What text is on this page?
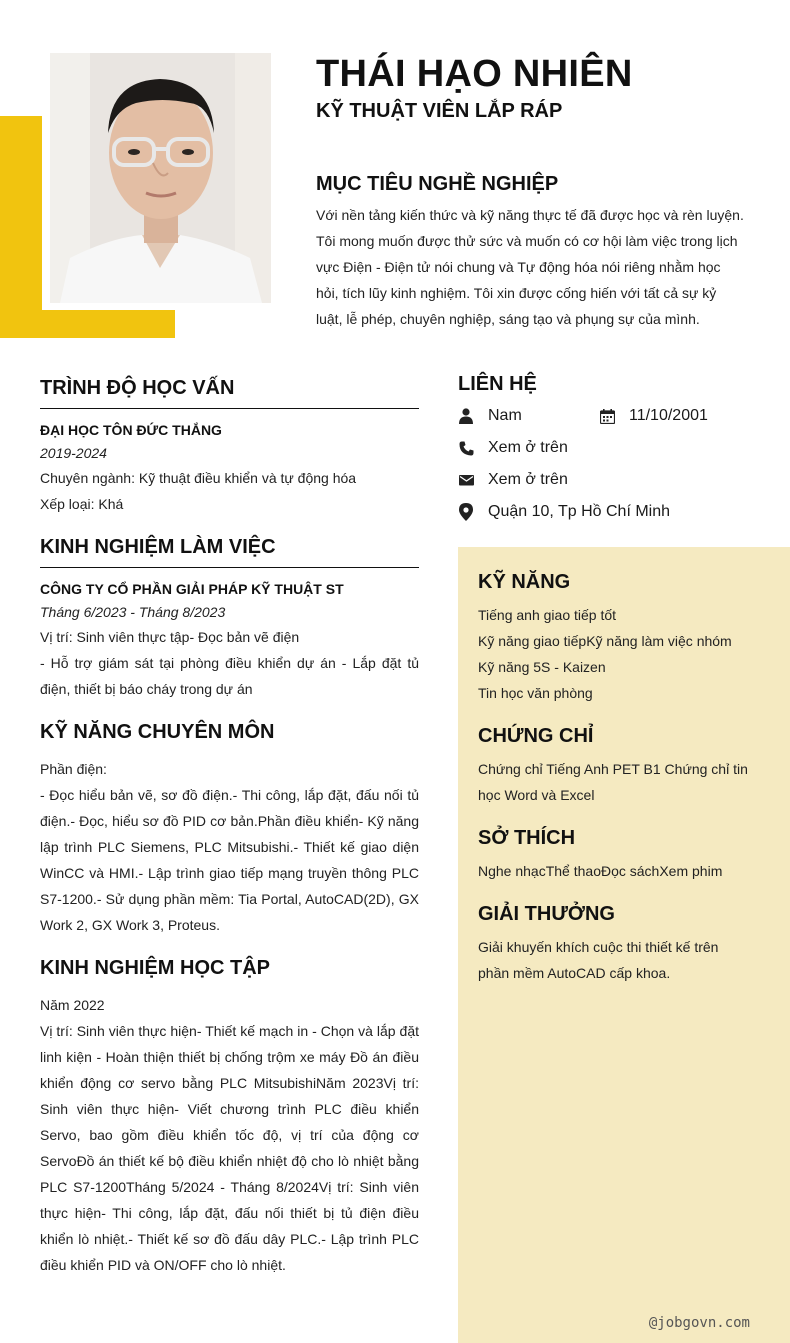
THÁI HẠO NHIÊN
KỸ THUẬT VIÊN LẮP RÁP
MỤC TIÊU NGHỀ NGHIỆP
Với nền tảng kiến thức và kỹ năng thực tế đã được học và rèn luyện. Tôi mong muốn được thử sức và muốn có cơ hội làm việc trong lịch vực Điện - Điện tử nói chung và Tự động hóa nói riêng nhằm học hỏi, tích lũy kinh nghiệm. Tôi xin được cống hiến với tất cả sự kỷ luật, lễ phép, chuyên nghiệp, sáng tạo và phụng sự của mình.
TRÌNH ĐỘ HỌC VẤN
ĐẠI HỌC TÔN ĐỨC THẮNG
2019-2024
Chuyên ngành: Kỹ thuật điều khiển và tự động hóa
Xếp loại: Khá
KINH NGHIỆM LÀM VIỆC
CÔNG TY CỔ PHẦN GIẢI PHÁP KỸ THUẬT ST
Tháng 6/2023 - Tháng 8/2023
Vị trí: Sinh viên thực tập- Đọc bản vẽ điện
- Hỗ trợ giám sát tại phòng điều khiển dự án - Lắp đặt tủ điện, thiết bị báo cháy trong dự án
KỸ NĂNG CHUYÊN MÔN
Phần điện:
- Đọc hiểu bản vẽ, sơ đồ điện.- Thi công, lắp đặt, đấu nối tủ điện.- Đọc, hiểu sơ đồ PID cơ bản.Phần điều khiển- Kỹ năng lập trình PLC Siemens, PLC Mitsubishi.- Thiết kế giao diện WinCC và HMI.- Lập trình giao tiếp mạng truyền thông PLC S7-1200.- Sử dụng phần mềm: Tia Portal, AutoCAD(2D), GX Work 2, GX Work 3, Proteus.
KINH NGHIỆM HỌC TẬP
Năm 2022
Vị trí: Sinh viên thực hiện- Thiết kế mạch in - Chọn và lắp đặt linh kiện - Hoàn thiện thiết bị chống trộm xe máy Đồ án điều khiển động cơ servo bằng PLC MitsubishiNăm 2023Vị trí: Sinh viên thực hiện- Viết chương trình PLC điều khiển Servo, bao gồm điều khiển tốc độ, vị trí của động cơ ServoĐồ án thiết kế bộ điều khiển nhiệt độ cho lò nhiệt bằng PLC S7-1200Tháng 5/2024 - Tháng 8/2024Vị trí: Sinh viên thực hiện- Thi công, lắp đặt, đấu nối thiết bị tủ điện điều khiển lò nhiệt.- Thiết kế sơ đồ đấu dây PLC.- Lập trình PLC điều khiển PID và ON/OFF cho lò nhiệt.
LIÊN HỆ
Nam	11/10/2001
Xem ở trên
Xem ở trên
Quận 10, Tp Hồ Chí Minh
KỸ NĂNG
Tiếng anh giao tiếp tốt
Kỹ năng giao tiếpKỹ năng làm việc nhóm
Kỹ năng 5S - Kaizen
Tin học văn phòng
CHỨNG CHỈ
Chứng chỉ Tiếng Anh PET B1 Chứng chỉ tin học Word và Excel
SỞ THÍCH
Nghe nhạcThể thaoĐọc sáchXem phim
GIẢI THƯỞNG
Giải khuyến khích cuộc thi thiết kế trên phần mềm AutoCAD cấp khoa.
@jobgovn.com
